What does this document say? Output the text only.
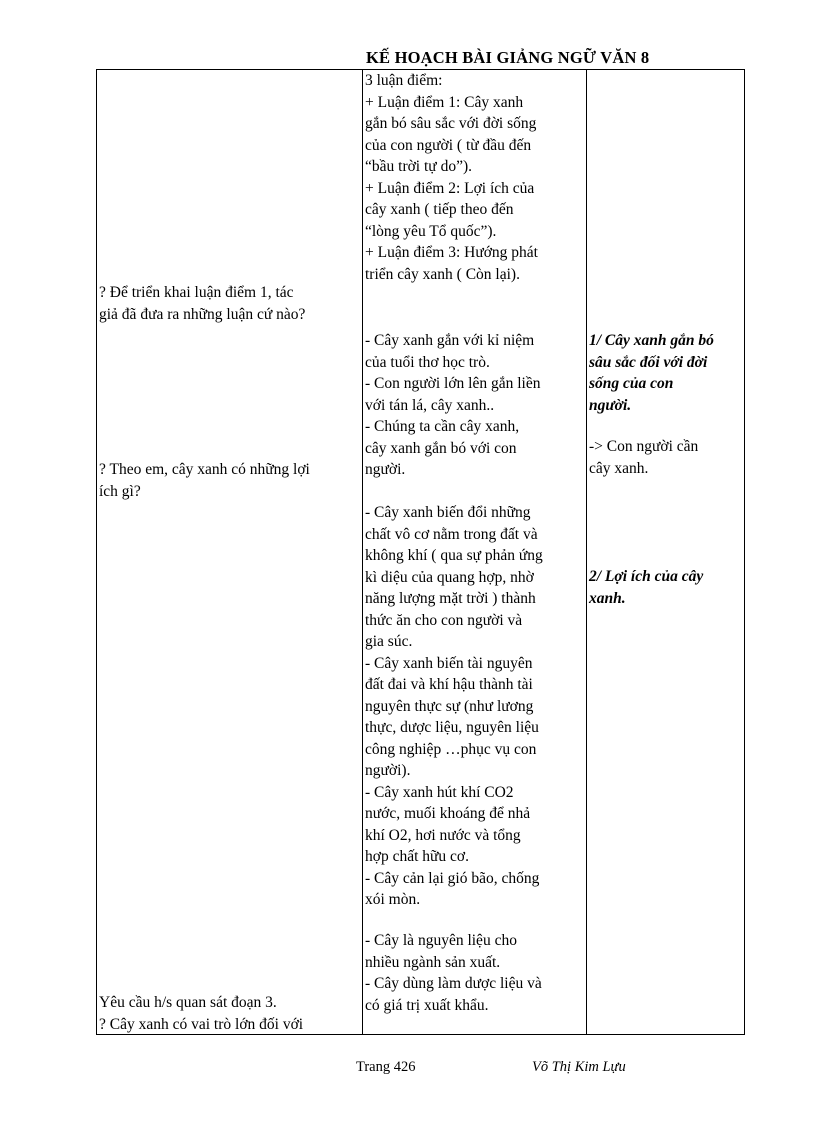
KẾ HOẠCH BÀI GIẢNG NGỮ VĂN 8
? Để triển khai luận điểm 1, tác
giả đã đưa ra những luận cứ nào?
? Theo em, cây xanh có những lợi
ích gì?
Yêu cầu h/s quan sát đoạn 3.
? Cây xanh có vai trò lớn đối với
3 luận điểm:
+ Luận điểm 1: Cây xanh
gắn bó sâu sắc với đời sống
của con người ( từ đầu đến
“bầu trời tự do”).
+ Luận điểm 2: Lợi ích của
cây xanh ( tiếp theo đến
“lòng yêu Tổ quốc”).
+ Luận điểm 3: Hướng phát
triển cây xanh ( Còn lại).
- Cây xanh gắn với kỉ niệm
của tuổi thơ học trò.
- Con người lớn lên gắn liền
với tán lá, cây xanh..
- Chúng ta cần cây xanh,
cây xanh gắn bó với con
người.
- Cây xanh biến đổi những
chất vô cơ nằm trong đất và
không khí ( qua sự phản ứng
kì diệu của quang hợp, nhờ
năng lượng mặt trời ) thành
thức ăn cho con người và
gia súc.
- Cây xanh biến tài nguyên
đất đai và khí hậu thành tài
nguyên thực sự (như lương
thực, dược liệu, nguyên liệu
công nghiệp …phục vụ con
người).
- Cây xanh hút khí CO2
nước, muối khoáng để nhả
khí O2, hơi nước và tổng
hợp chất hữu cơ.
- Cây cản lại gió bão, chống
xói mòn.
- Cây là nguyên liệu cho
nhiều ngành sản xuất.
- Cây dùng làm dược liệu và
có giá trị xuất khẩu.
1/ Cây xanh gắn bó
sâu sắc đối với đời
sống của con
người.
-> Con người cần
cây xanh.
2/ Lợi ích của cây
xanh.
Trang 426	Võ Thị Kim Lựu
